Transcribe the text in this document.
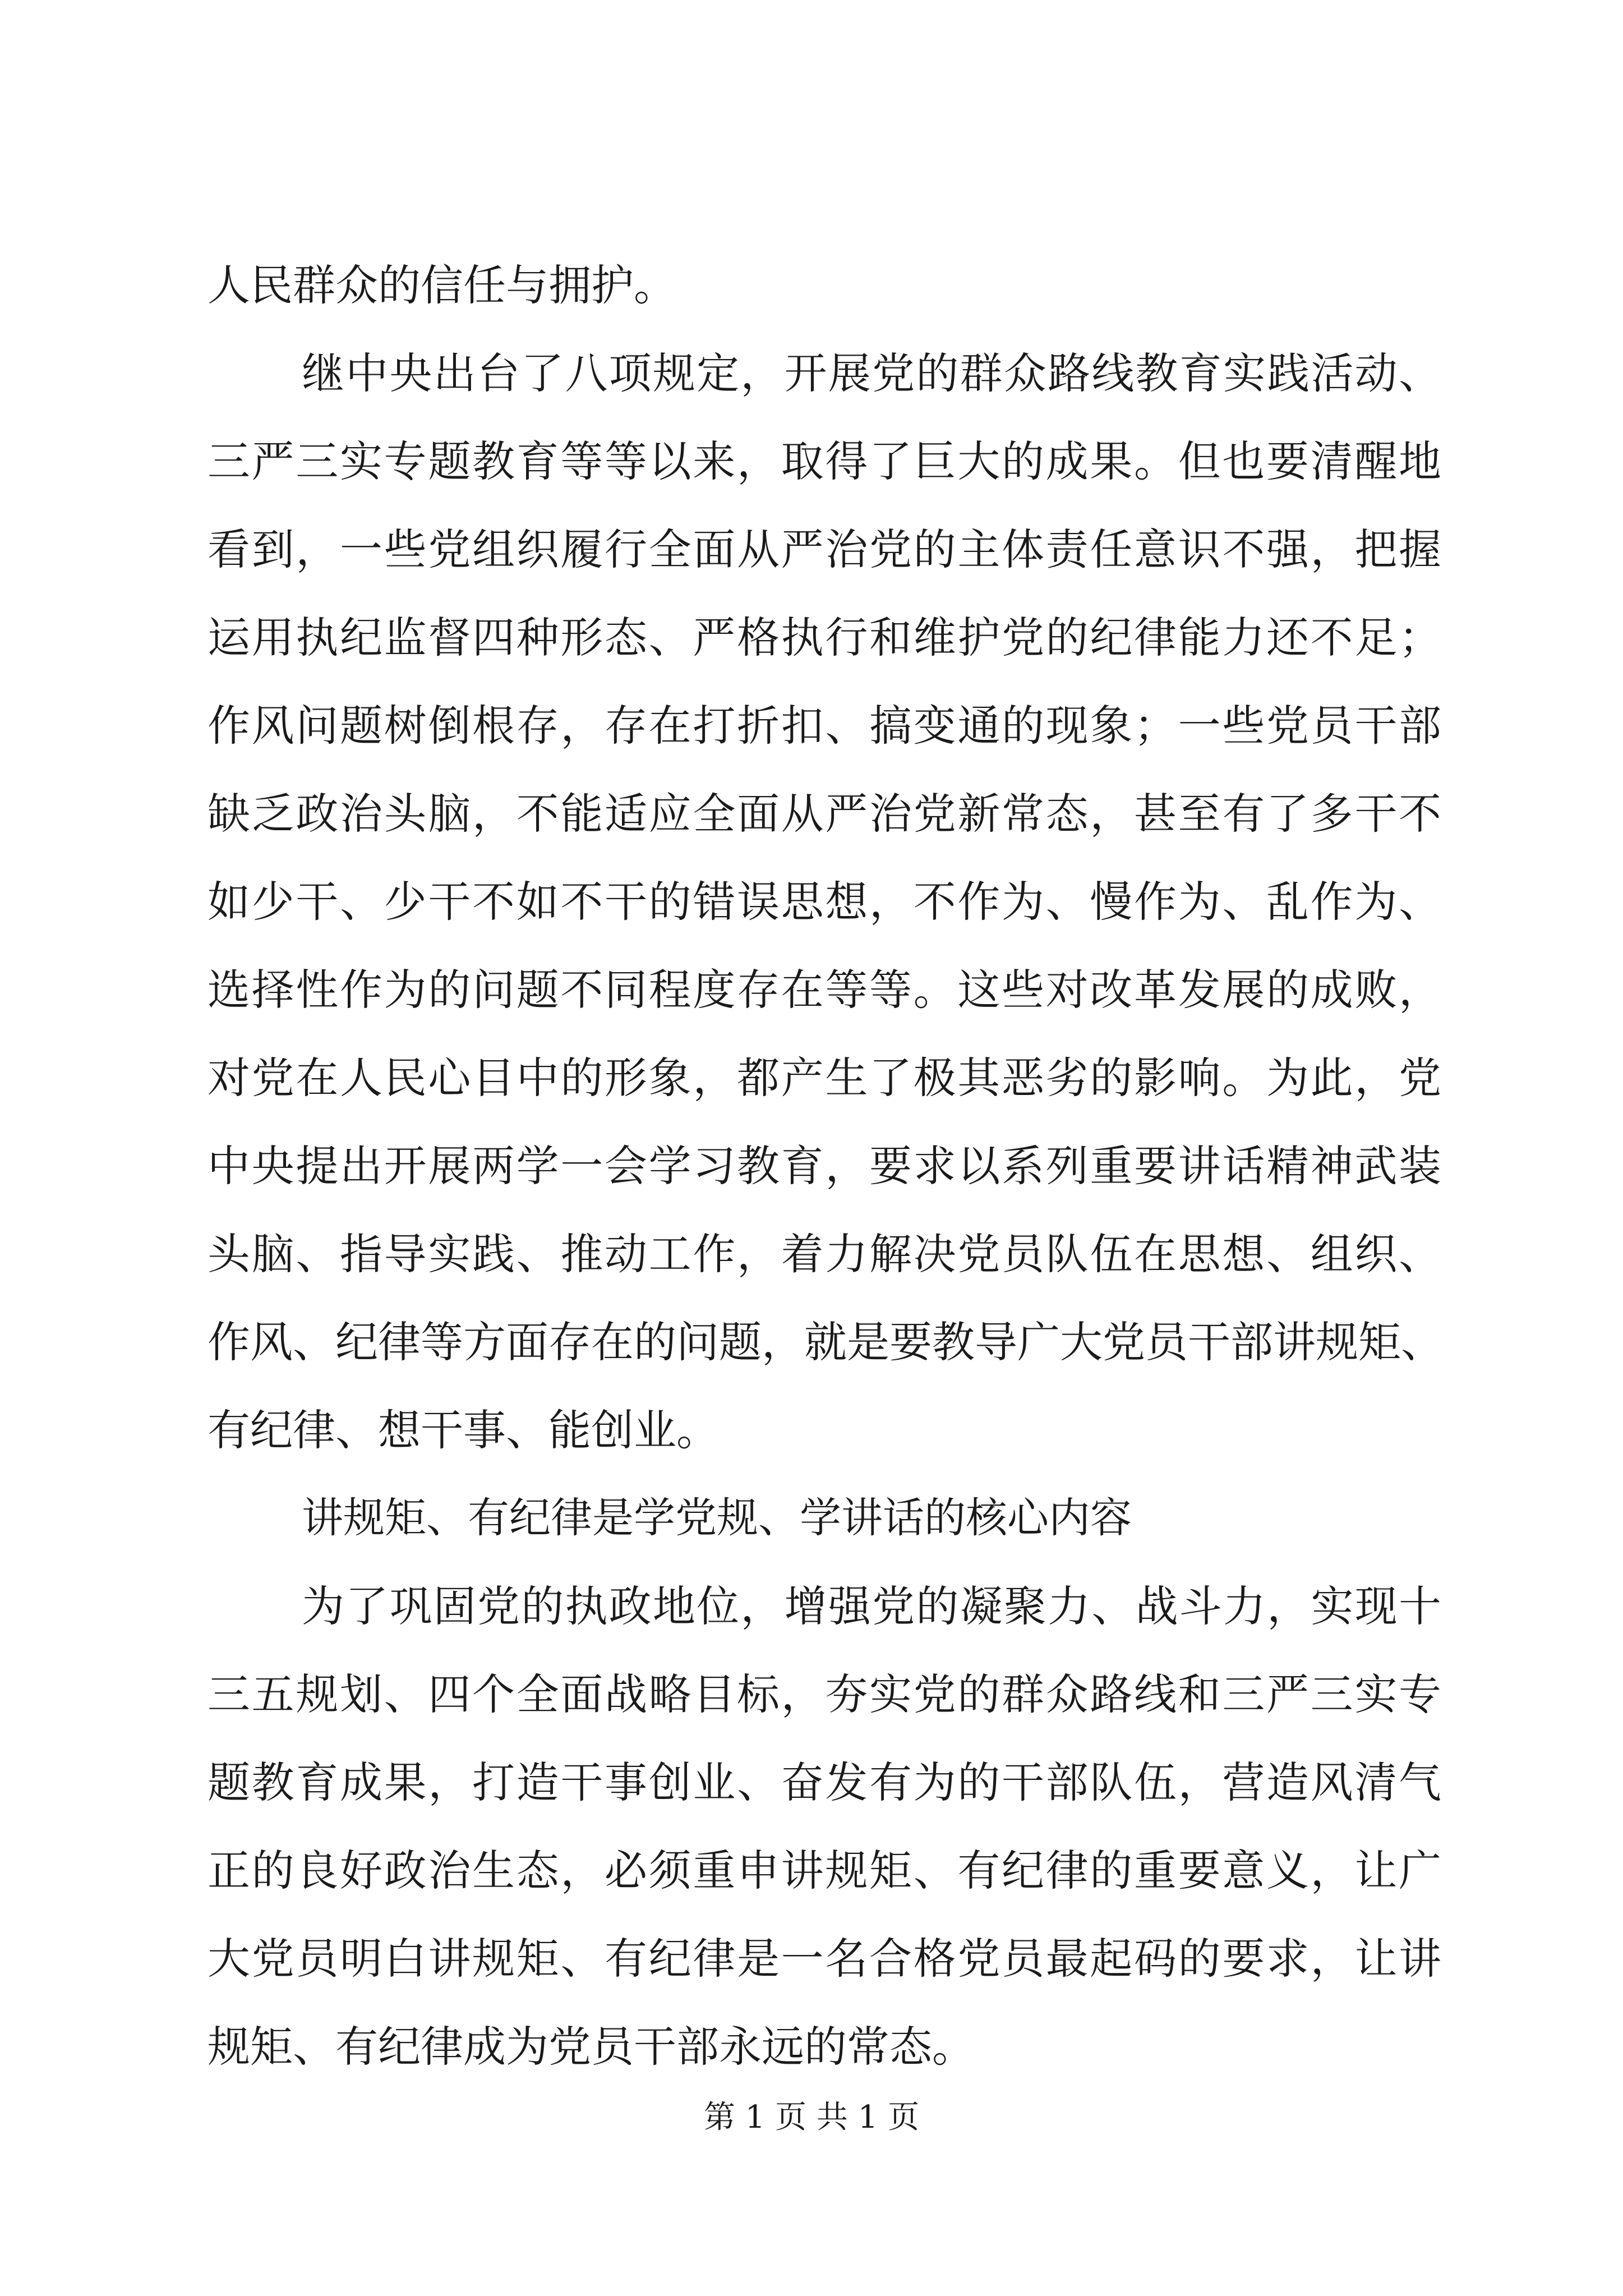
人民群众的信任与拥护。
继中央出台了八项规定，开展党的群众路线教育实践活动、
三严三实专题教育等等以来，取得了巨大的成果。但也要清醒地
看到，一些党组织履行全面从严治党的主体责任意识不强，把握
运用执纪监督四种形态、严格执行和维护党的纪律能力还不足；
作风问题树倒根存，存在打折扣、搞变通的现象；一些党员干部
缺乏政治头脑，不能适应全面从严治党新常态，甚至有了多干不
如少干、少干不如不干的错误思想，不作为、慢作为、乱作为、
选择性作为的问题不同程度存在等等。这些对改革发展的成败，
对党在人民心目中的形象，都产生了极其恶劣的影响。为此，党
中央提出开展两学一会学习教育，要求以系列重要讲话精神武装
头脑、指导实践、推动工作，着力解决党员队伍在思想、组织、
作风、纪律等方面存在的问题，就是要教导广大党员干部讲规矩、
有纪律、想干事、能创业。
讲规矩、有纪律是学党规、学讲话的核心内容
为了巩固党的执政地位，增强党的凝聚力、战斗力，实现十
三五规划、四个全面战略目标，夯实党的群众路线和三严三实专
题教育成果，打造干事创业、奋发有为的干部队伍，营造风清气
正的良好政治生态，必须重申讲规矩、有纪律的重要意义，让广
大党员明白讲规矩、有纪律是一名合格党员最起码的要求，让讲
规矩、有纪律成为党员干部永远的常态。
第 1 页 共 1 页
